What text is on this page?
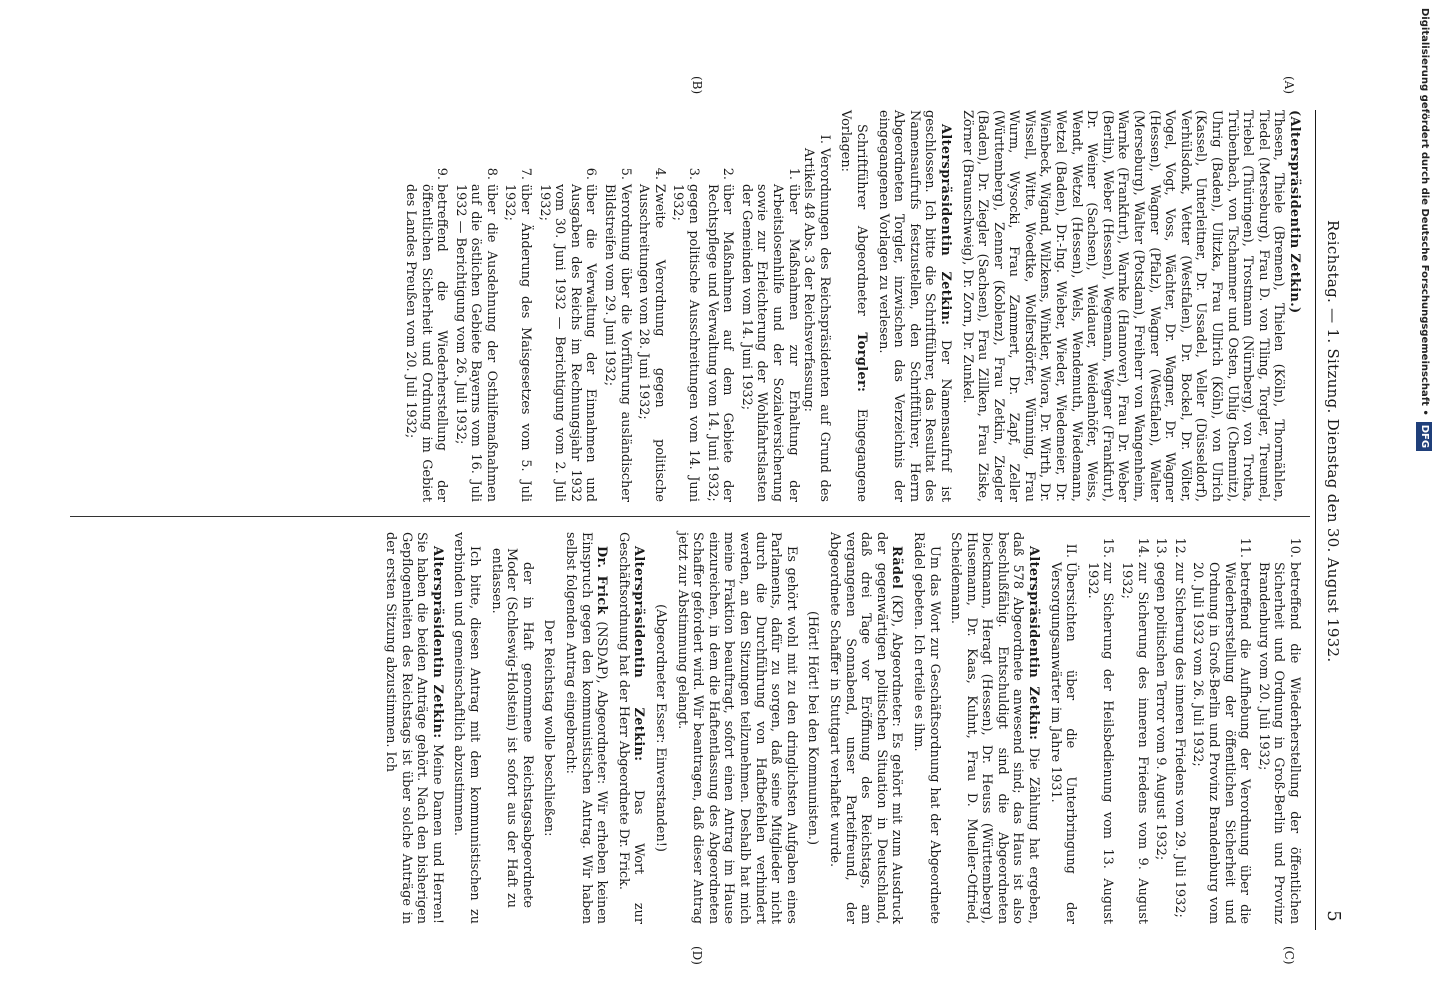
Reichstag. — 1. Sitzung. Dienstag den 30. August 1932.
5
(A)
(B)
(C)
(D)

(Alterspräsidentin Zetkin.)
Thesen, Thiele (Bremen), Thielen (Köln), Thormählen, Tiedel (Merseburg), Frau D. von Tiling, Torgler, Treumel, Triebel (Thüringen), Trostmann (Nürnberg), von Trotha, Trübenbach, von Tschammer und Osten, Uhlig (Chemnitz), Uhrig (Baden), Ulitzka, Frau Ullrich (Köln), von Ulrich (Kassel), Unterleitner, Dr. Ussadel, Veller (Düsseldorf), Verhülsdonk, Vetter (Westfalen), Dr. Bockel, Dr. Völter, Vogel, Vogt, Voss, Wächter, Dr. Wagner, Dr. Wagner (Hessen), Wagner (Pfalz), Wagner (Westfalen), Walter (Merseburg), Walter (Potsdam), Freiherr von Wangenheim, Warnke (Frankfurt), Warnke (Hannover), Frau Dr. Weber (Berlin), Weber (Hessen), Wegemann, Wegner (Frankfurt), Dr. Weiner (Sachsen), Weidauer, Weidenhöfer, Weiss, Wendt, Wetzel (Hessen), Wels, Wendemuth, Wiedemann, Wetzel (Baden), Dr.-Ing. Wieber, Wieder, Wiedemeier, Dr. Wienbeck, Wigand, Wilzkens, Winkler, Wiora, Dr. Wirth, Dr. Wissell, Witte, Woedtke, Wolfersdörfer, Wünning, Frau Wurm, Wysocki, Frau Zammert, Dr. Zapf, Zeller (Württemberg), Zenner (Koblenz), Frau Zetkin, Ziegler (Baden), Dr. Ziegler (Sachsen), Frau Zillken, Frau Ziske, Zörner (Braunschweig), Dr. Zorn, Dr. Zunkel.

Alterspräsidentin Zetkin: Der Namensaufruf ist geschlossen. Ich bitte die Schriftführer, das Resultat des Namensaufrufs festzustellen, den Schriftführer, Herrn Abgeordneten Torgler, inzwischen das Verzeichnis der eingegangenen Vorlagen zu verlesen.

Schriftführer Abgeordneter Torgler: Eingegangene Vorlagen:

I. Verordnungen des Reichspräsidenten auf Grund des Artikels 48 Abs. 3 der Reichsverfassung:
1. über Maßnahmen zur Erhaltung der Arbeitslosenhilfe und der Sozialversicherung sowie zur Erleichterung der Wohlfahrtslasten der Gemeinden vom 14. Juni 1932;
2. über Maßnahmen auf dem Gebiete der Rechtspflege und Verwaltung vom 14. Juni 1932;
3. gegen politische Ausschreitungen vom 14. Juni 1932;
4. Zweite Verordnung gegen politische Ausschreitungen vom 28. Juni 1932;
5. Verordnung über die Vorführung ausländischer Bildstreifen vom 29. Juni 1932;
6. über die Verwaltung der Einnahmen und Ausgaben des Reichs im Rechnungsjahr 1932 vom 30. Juni 1932 — Berichtigung vom 2. Juli 1932;
7. über Änderung des Maisgesetzes vom 5. Juli 1932;
8. über die Ausdehnung der Osthilfemaßnahmen auf die östlichen Gebiete Bayerns vom 16. Juli 1932 — Berichtigung vom 26. Juli 1932;
9. betreffend die Wiederherstellung der öffentlichen Sicherheit und Ordnung im Gebiet des Landes Preußen vom 20. Juli 1932;
10. betreffend die Wiederherstellung der öffentlichen Sicherheit und Ordnung in Groß-Berlin und Provinz Brandenburg vom 20. Juli 1932;
11. betreffend die Aufhebung der Verordnung über die Wiederherstellung der öffentlichen Sicherheit und Ordnung in Groß-Berlin und Provinz Brandenburg vom 20. Juli 1932 vom 26. Juli 1932;
12. zur Sicherung des inneren Friedens vom 29. Juli 1932;
13. gegen politischen Terror vom 9. August 1932;
14. zur Sicherung des inneren Friedens vom 9. August 1932;
15. zur Sicherung der Heilsbedienung vom 13. August 1932.
II. Übersichten über die Unterbringung der Versorgungsanwärter im Jahre 1931.

Alterspräsidentin Zetkin: Die Zählung hat ergeben, daß 578 Abgeordnete anwesend sind; das Haus ist also beschlußfähig. Entschuldigt sind die Abgeordneten Dieckmann, Heragt (Hessen), Dr. Heuss (Württemberg), Husemann, Dr. Kaas, Kuhnt, Frau D. Mueller-Otfried, Scheidemann.

Um das Wort zur Geschäftsordnung hat der Abgeordnete Rädel gebeten. Ich erteile es ihm.

Rädel (KP), Abgeordneter: Es gehört mit zum Ausdruck der gegenwärtigen politischen Situation in Deutschland, daß drei Tage vor Eröffnung des Reichstags, am vergangenen Sonnabend, unser Parteifreund, der Abgeordnete Schaffer in Stuttgart verhaftet wurde.

(Hört! Hört! bei den Kommunisten.)

Es gehört wohl mit zu den dringlichsten Aufgaben eines Parlaments, dafür zu sorgen, daß seine Mitglieder nicht durch die Durchführung von Haftbefehlen verhindert werden, an den Sitzungen teilzunehmen. Deshalb hat mich meine Fraktion beauftragt, sofort einen Antrag im Hause einzureichen, in dem die Haftentlassung des Abgeordneten Schaffer gefordert wird. Wir beantragen, daß dieser Antrag jetzt zur Abstimmung gelangt.

(Abgeordneter Esser: Einverstanden!)

Alterspräsidentin Zetkin: Das Wort zur Geschäftsordnung hat der Herr Abgeordnete Dr. Frick.

Dr. Frick (NSDAP), Abgeordneter: Wir erheben keinen Einspruch gegen den kommunistischen Antrag. Wir haben selbst folgenden Antrag eingebracht:

Der Reichstag wolle beschließen:

der in Haft genommene Reichstagsabgeordnete Moder (Schleswig-Holstein) ist sofort aus der Haft zu entlassen.

Ich bitte, diesen Antrag mit dem kommunistischen zu verbinden und gemeinschaftlich abzustimmen.

Alterspräsidentin Zetkin: Meine Damen und Herren! Sie haben die beiden Anträge gehört. Nach den bisherigen Gepflogenheiten des Reichstags ist über solche Anträge in der ersten Sitzung abzustimmen. Ich

Digitalisierung gefördert durch die Deutsche Forschungsgemeinschaft •DFG
